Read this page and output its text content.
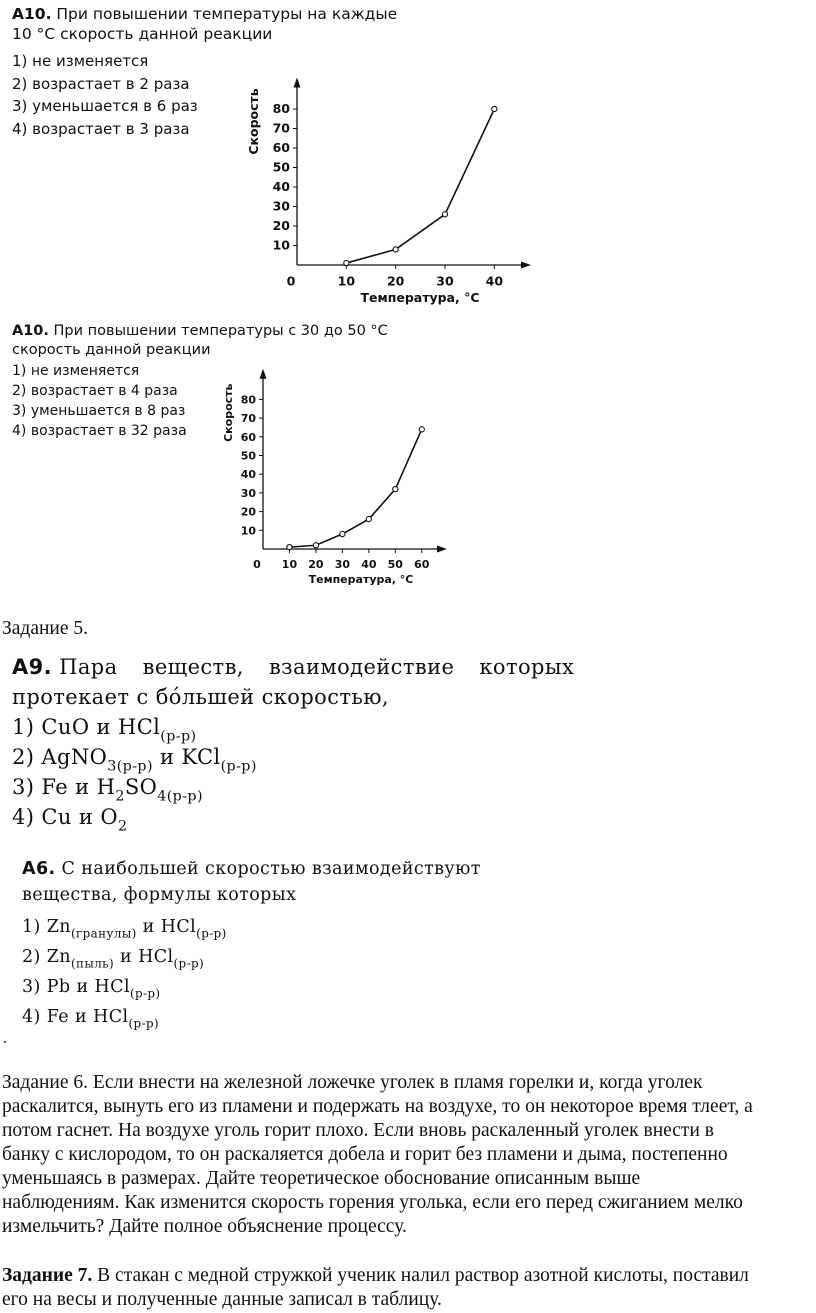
А10. При повышении температуры на каждые
10 °C скорость данной реакции
1) не изменяется
2) возрастает в 2 раза
3) уменьшается в 6 раз
4) возрастает в 3 раза
10
20
30
40
50
60
70
80
0	10	20	30	40
Температура, °C
Скорость
А10. При повышении температуры с 30 до 50 °C
скорость данной реакции
1) не изменяется
2) возрастает в 4 раза
3) уменьшается в 8 раз
4) возрастает в 32 раза
10
20
30
40
50
60
70
80
0 10 20 30 40 50 60
Температура, °C
Скорость
Задание 5.
А9. Пара веществ, взаимодействие которых
протекает с бо́льшей скоростью,
1) CuO и HCl$_{(р-р)}$
2) AgNO$_{3(р-р)}$ и KCl$_{(р-р)}$
3) Fe и $H_2SO_{4(р-р)}$
4) Cu и $O_2$
А6. С наибольшей скоростью взаимодействуют
вещества, формулы которых
1) $Zn_{(гранулы)}$ и HCl$_{(р-р)}$
2) $Zn_{(пыль)}$ и HCl$_{(р-р)}$
3) Pb и HCl$_{(р-р)}$
4) Fe и HCl$_{(р-р)}$
.
Задание 6. Если внести на железной ложечке уголек в пламя горелки и, когда уголек
раскалится, вынуть его из пламени и подержать на воздухе, то он некоторое время тлеет, а
потом гаснет. На воздухе уголь горит плохо. Если вновь раскаленный уголек внести в
банку с кислородом, то он раскаляется добела и горит без пламени и дыма, постепенно
уменьшаясь в размерах. Дайте теоретическое обоснование описанным выше
наблюдениям. Как изменится скорость горения уголька, если его перед сжиганием мелко
измельчить? Дайте полное объяснение процессу.
Задание 7. В стакан с медной стружкой ученик налил раствор азотной кислоты, поставил
его на весы и полученные данные записал в таблицу.
